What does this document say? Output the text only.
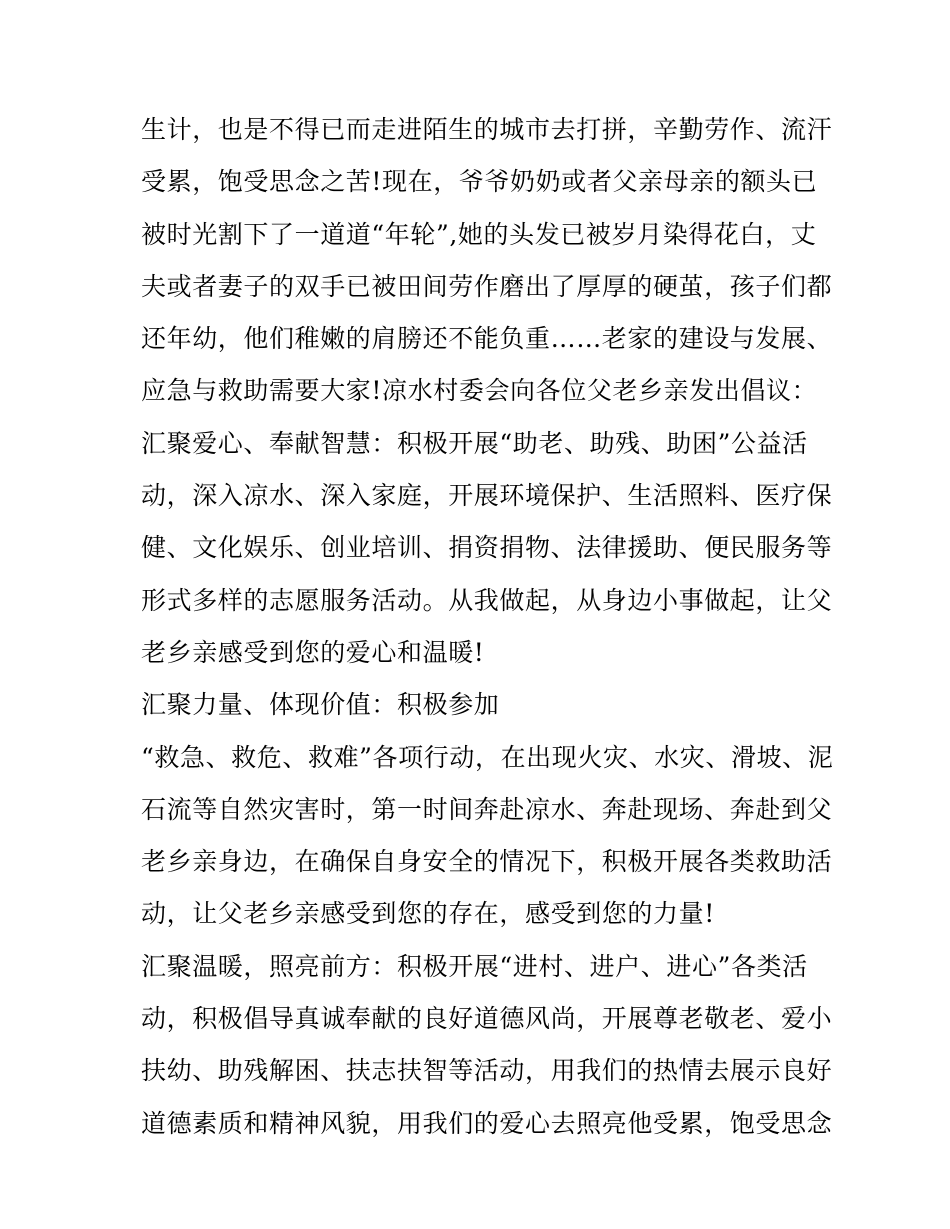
生计，也是不得已而走进陌生的城市去打拼，辛勤劳作、流汗
受累，饱受思念之苦!现在，爷爷奶奶或者父亲母亲的额头已
被时光割下了一道道“年轮”,她的头发已被岁月染得花白，丈
夫或者妻子的双手已被田间劳作磨出了厚厚的硬茧，孩子们都
还年幼，他们稚嫩的肩膀还不能负重……老家的建设与发展、
应急与救助需要大家!凉水村委会向各位父老乡亲发出倡议：
汇聚爱心、奉献智慧：积极开展“助老、助残、助困”公益活
动，深入凉水、深入家庭，开展环境保护、生活照料、医疗保
健、文化娱乐、创业培训、捐资捐物、法律援助、便民服务等
形式多样的志愿服务活动。从我做起，从身边小事做起，让父
老乡亲感受到您的爱心和温暖!
汇聚力量、体现价值：积极参加
“救急、救危、救难”各项行动，在出现火灾、水灾、滑坡、泥
石流等自然灾害时，第一时间奔赴凉水、奔赴现场、奔赴到父
老乡亲身边，在确保自身安全的情况下，积极开展各类救助活
动，让父老乡亲感受到您的存在，感受到您的力量!
汇聚温暖，照亮前方：积极开展“进村、进户、进心”各类活
动，积极倡导真诚奉献的良好道德风尚，开展尊老敬老、爱小
扶幼、助残解困、扶志扶智等活动，用我们的热情去展示良好
道德素质和精神风貌，用我们的爱心去照亮他受累，饱受思念
